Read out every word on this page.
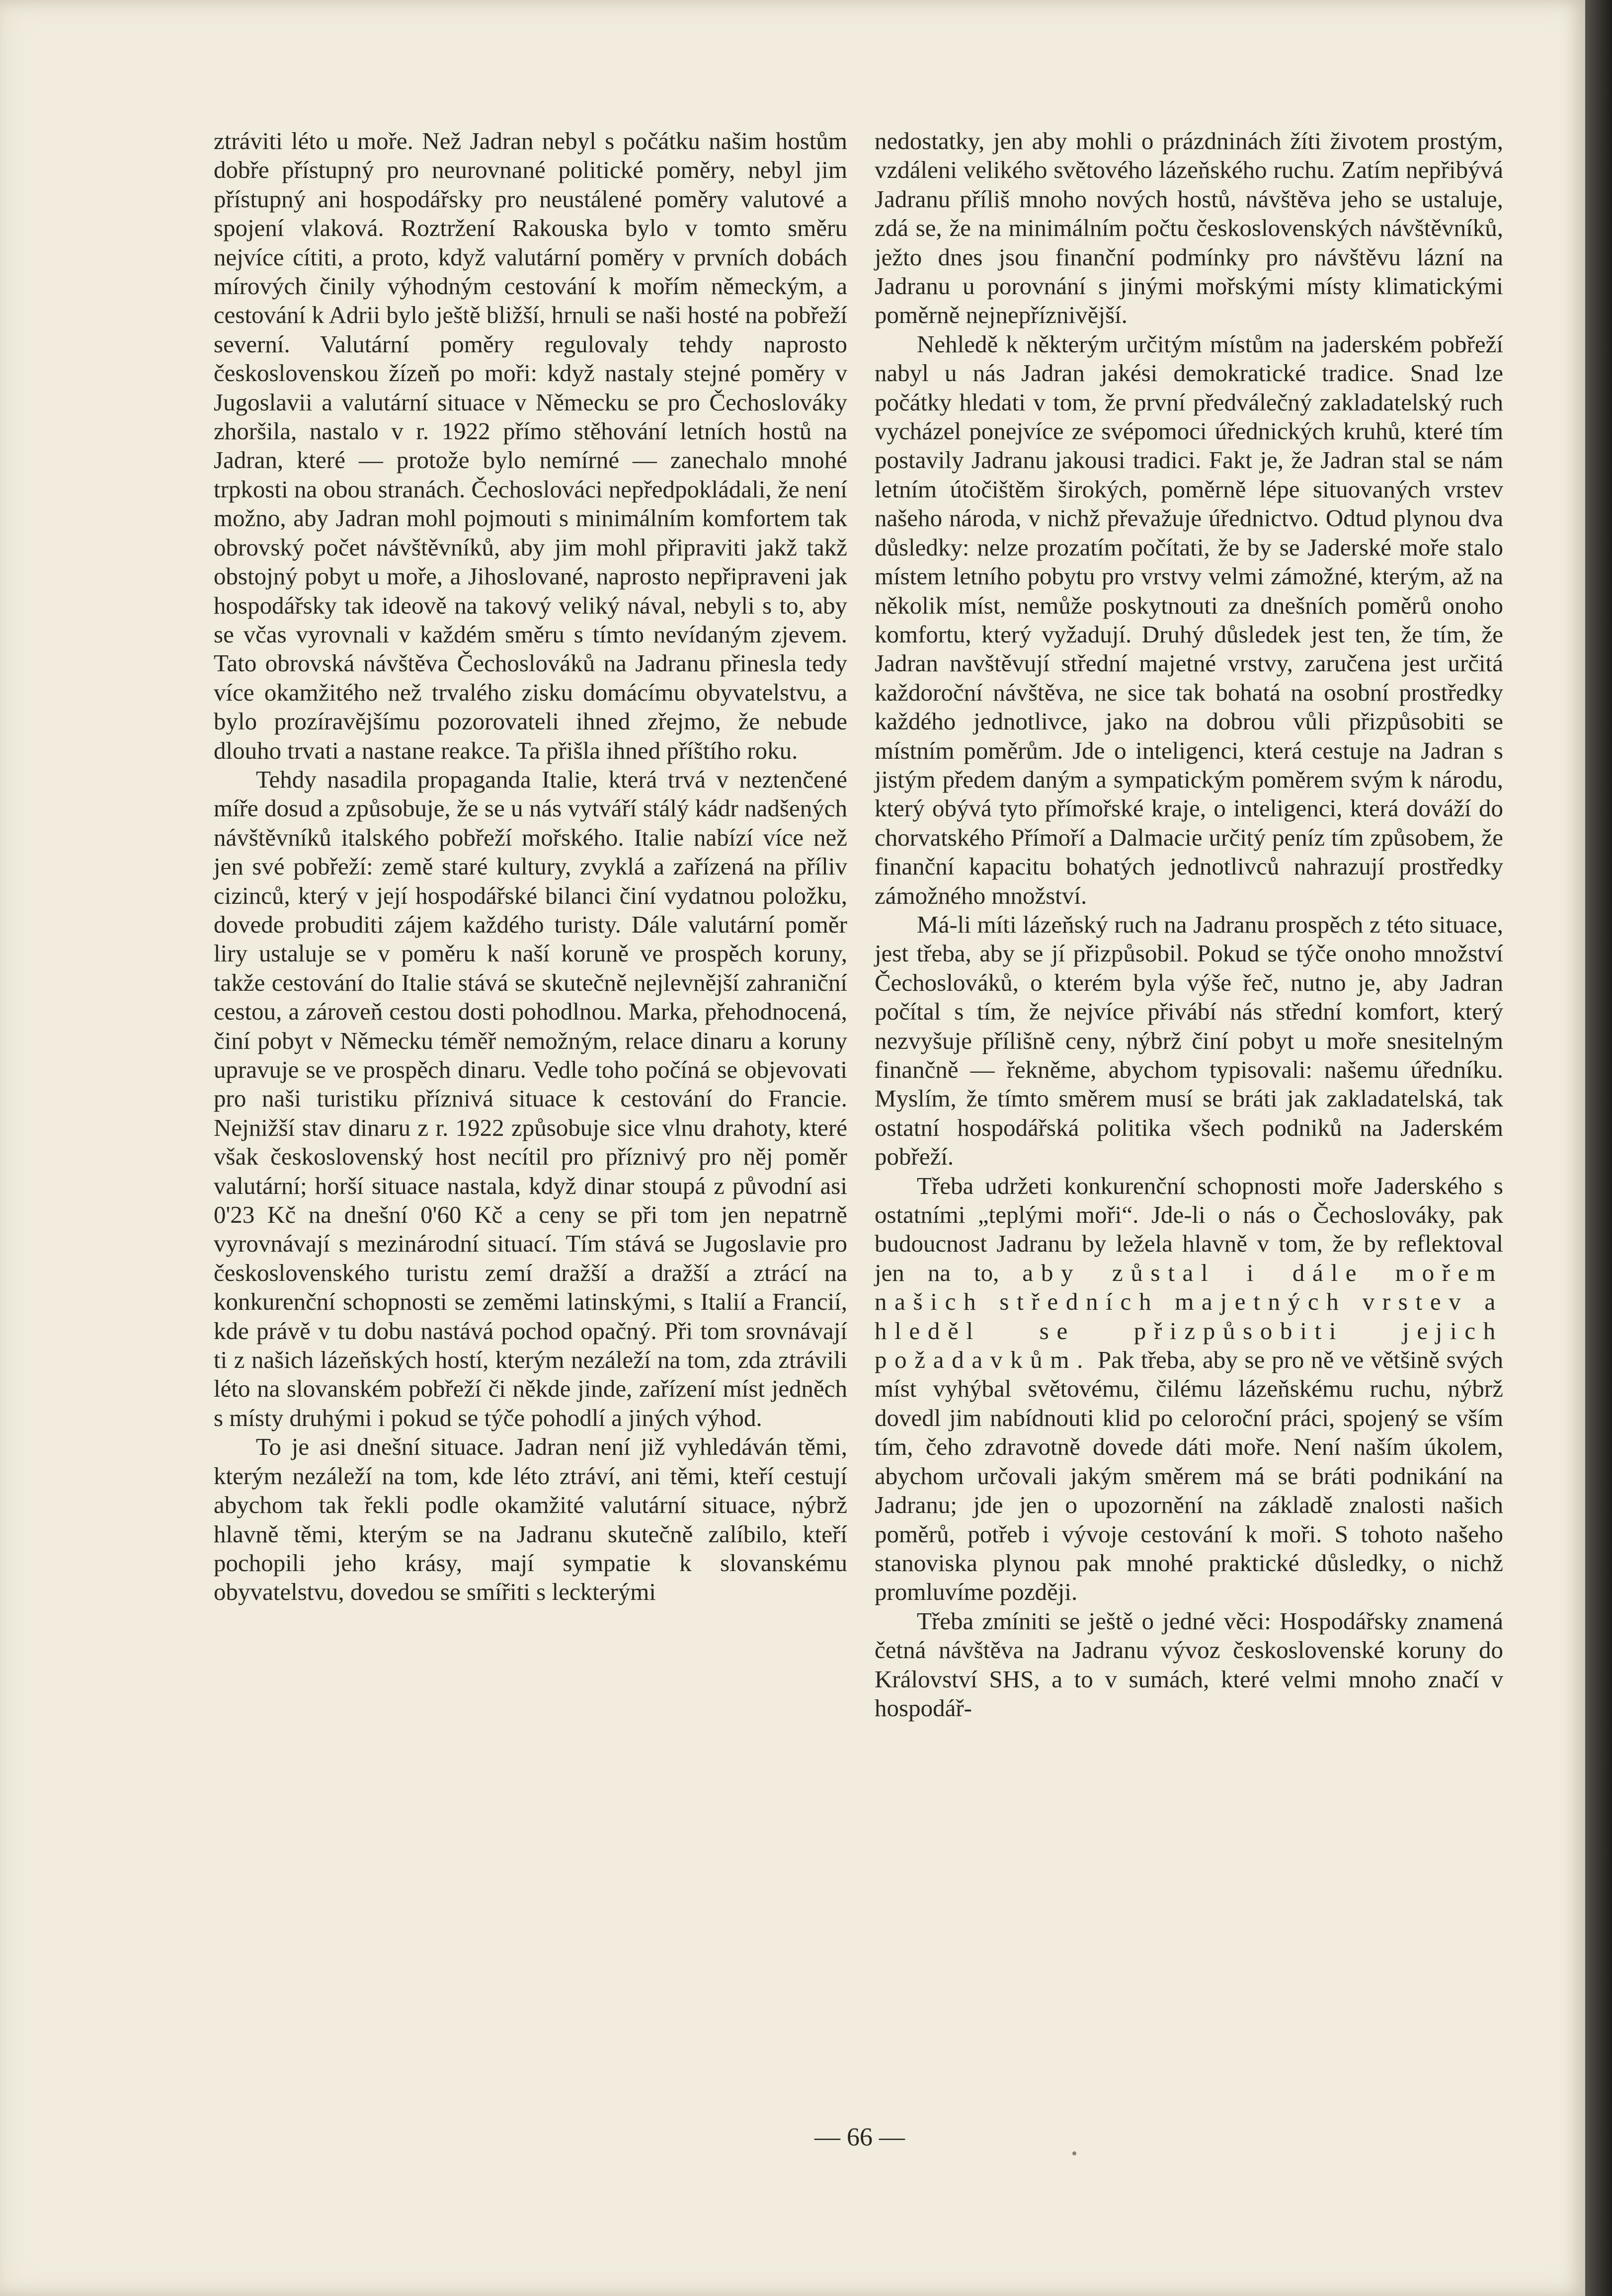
ztráviti léto u moře. Než Jadran nebyl s počátku našim hostům dobře přístupný pro neurovnané politické poměry, nebyl jim přístupný ani hospodářsky pro neustálené poměry valutové a spojení vlaková. Roztržení Rakouska bylo v tomto směru nejvíce cítiti, a proto, když valutární poměry v prvních dobách mírových činily výhodným cestování k mořím německým, a cestování k Adrii bylo ještě bližší, hrnuli se naši hosté na pobřeží severní. Valutární poměry regulovaly tehdy naprosto československou žízeň po moři: když nastaly stejné poměry v Jugoslavii a valutární situace v Německu se pro Čechoslováky zhoršila, nastalo v r. 1922 přímo stěhování letních hostů na Jadran, které — protože bylo nemírné — zanechalo mnohé trpkosti na obou stranách. Čechoslováci nepředpokládali, že není možno, aby Jadran mohl pojmouti s minimálním komfortem tak obrovský počet návštěvníků, aby jim mohl připraviti jakž takž obstojný pobyt u moře, a Jihoslované, naprosto nepřipraveni jak hospodářsky tak ideově na takový veliký nával, nebyli s to, aby se včas vyrovnali v každém směru s tímto nevídaným zjevem. Tato obrovská návštěva Čechoslováků na Jadranu přinesla tedy více okamžitého než trvalého zisku domácímu obyvatelstvu, a bylo prozíravějšímu pozorovateli ihned zřejmo, že nebude dlouho trvati a nastane reakce. Ta přišla ihned příštího roku.

Tehdy nasadila propaganda Italie, která trvá v neztenčené míře dosud a způsobuje, že se u nás vytváří stálý kádr nadšených návštěvníků italského pobřeží mořského. Italie nabízí více než jen své pobřeží: země staré kultury, zvyklá a zařízená na příliv cizinců, který v její hospodářské bilanci činí vydatnou položku, dovede probuditi zájem každého turisty. Dále valutární poměr liry ustaluje se v poměru k naší koruně ve prospěch koruny, takže cestování do Italie stává se skutečně nejlevnější zahraniční cestou, a zároveň cestou dosti pohodlnou. Marka, přehodnocená, činí pobyt v Německu téměř nemožným, relace dinaru a koruny upravuje se ve prospěch dinaru. Vedle toho počíná se objevovati pro naši turistiku příznivá situace k cestování do Francie. Nejnižší stav dinaru z r. 1922 způsobuje sice vlnu drahoty, které však československý host necítil pro příznivý pro něj poměr valutární; horší situace nastala, když dinar stoupá z původní asi 0'23 Kč na dnešní 0'60 Kč a ceny se při tom jen nepatrně vyrovnávají s mezinárodní situací. Tím stává se Jugoslavie pro československého turistu zemí dražší a dražší a ztrácí na konkurenční schopnosti se zeměmi latinskými, s Italií a Francií, kde právě v tu dobu nastává pochod opačný. Při tom srovnávají ti z našich lázeňských hostí, kterým nezáleží na tom, zda ztrávili léto na slovanském pobřeží či někde jinde, zařízení míst jedněch s místy druhými i pokud se týče pohodlí a jiných výhod.

To je asi dnešní situace. Jadran není již vyhledáván těmi, kterým nezáleží na tom, kde léto ztráví, ani těmi, kteří cestují abychom tak řekli podle okamžité valutární situace, nýbrž hlavně těmi, kterým se na Jadranu skutečně zalíbilo, kteří pochopili jeho krásy, mají sympatie k slovanskému obyvatelstvu, dovedou se smířiti s leckterými

nedostatky, jen aby mohli o prázdninách žíti životem prostým, vzdáleni velikého světového lázeňského ruchu. Zatím nepřibývá Jadranu příliš mnoho nových hostů, návštěva jeho se ustaluje, zdá se, že na minimálním počtu československých návštěvníků, ježto dnes jsou finanční podmínky pro návštěvu lázní na Jadranu u porovnání s jinými mořskými místy klimatickými poměrně nejnepříznivější.

Nehledě k některým určitým místům na jaderském pobřeží nabyl u nás Jadran jakési demokratické tradice. Snad lze počátky hledati v tom, že první předválečný zakladatelský ruch vycházel ponejvíce ze svépomoci úřednických kruhů, které tím postavily Jadranu jakousi tradici. Fakt je, že Jadran stal se nám letním útočištěm širokých, poměrně lépe situovaných vrstev našeho národa, v nichž převažuje úřednictvo. Odtud plynou dva důsledky: nelze prozatím počítati, že by se Jaderské moře stalo místem letního pobytu pro vrstvy velmi zámožné, kterým, až na několik míst, nemůže poskytnouti za dnešních poměrů onoho komfortu, který vyžadují. Druhý důsledek jest ten, že tím, že Jadran navštěvují střední majetné vrstvy, zaručena jest určitá každoroční návštěva, ne sice tak bohatá na osobní prostředky každého jednotlivce, jako na dobrou vůli přizpůsobiti se místním poměrům. Jde o inteligenci, která cestuje na Jadran s jistým předem daným a sympatickým poměrem svým k národu, který obývá tyto přímořské kraje, o inteligenci, která dováží do chorvatského Přímoří a Dalmacie určitý peníz tím způsobem, že finanční kapacitu bohatých jednotlivců nahrazují prostředky zámožného množství.

Má-li míti lázeňský ruch na Jadranu prospěch z této situace, jest třeba, aby se jí přizpůsobil. Pokud se týče onoho množství Čechoslováků, o kterém byla výše řeč, nutno je, aby Jadran počítal s tím, že nejvíce přivábí nás střední komfort, který nezvyšuje přílišně ceny, nýbrž činí pobyt u moře snesitelným finančně — řekněme, abychom typisovali: našemu úředníku. Myslím, že tímto směrem musí se bráti jak zakladatelská, tak ostatní hospodářská politika všech podniků na Jaderském pobřeží.

Třeba udržeti konkurenční schopnosti moře Jaderského s ostatními „teplými moři“. Jde-li o nás o Čechoslováky, pak budoucnost Jadranu by ležela hlavně v tom, že by reflektoval jen na to, aby zůstal i dále mořem našich středních majetných vrstev a hleděl se přizpůsobiti jejich požadavkům. Pak třeba, aby se pro ně ve většině svých míst vyhýbal světovému, čilému lázeňskému ruchu, nýbrž dovedl jim nabídnouti klid po celoroční práci, spojený se vším tím, čeho zdravotně dovede dáti moře. Není naším úkolem, abychom určovali jakým směrem má se bráti podnikání na Jadranu; jde jen o upozornění na základě znalosti našich poměrů, potřeb i vývoje cestování k moři. S tohoto našeho stanoviska plynou pak mnohé praktické důsledky, o nichž promluvíme později.

Třeba zmíniti se ještě o jedné věci: Hospodářsky znamená četná návštěva na Jadranu vývoz československé koruny do Království SHS, a to v sumách, které velmi mnoho značí v hospodář-

— 66 —
